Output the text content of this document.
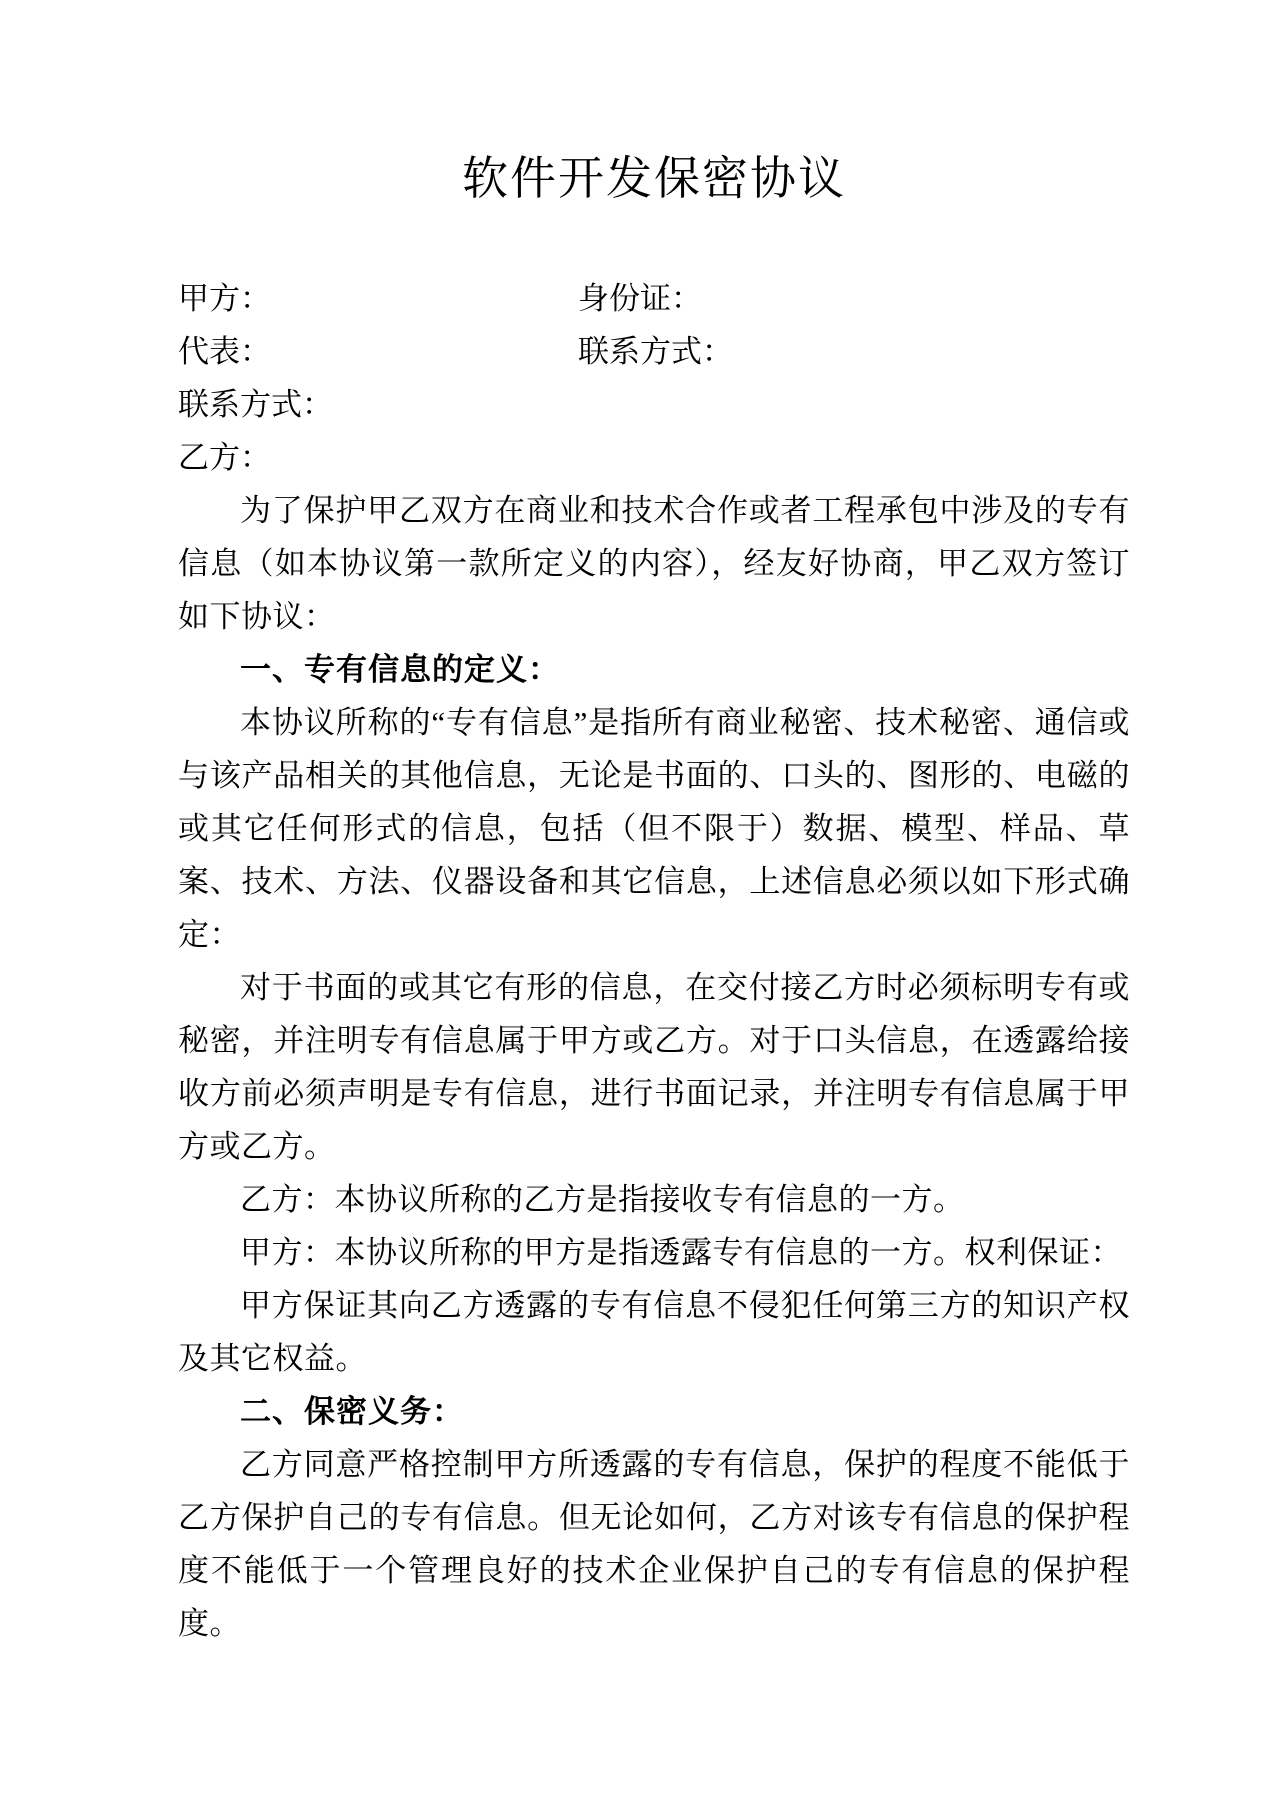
软件开发保密协议
甲方：	身份证：
代表：	联系方式：
联系方式：
乙方：

为了保护甲乙双方在商业和技术合作或者工程承包中涉及的专有信息（如本协议第一款所定义的内容），经友好协商，甲乙双方签订如下协议：

一、专有信息的定义：

本协议所称的“专有信息”是指所有商业秘密、技术秘密、通信或与该产品相关的其他信息，无论是书面的、口头的、图形的、电磁的或其它任何形式的信息，包括（但不限于）数据、模型、样品、草案、技术、方法、仪器设备和其它信息，上述信息必须以如下形式确定：

对于书面的或其它有形的信息，在交付接乙方时必须标明专有或秘密，并注明专有信息属于甲方或乙方。对于口头信息，在透露给接收方前必须声明是专有信息，进行书面记录，并注明专有信息属于甲方或乙方。

乙方：本协议所称的乙方是指接收专有信息的一方。

甲方：本协议所称的甲方是指透露专有信息的一方。权利保证：

甲方保证其向乙方透露的专有信息不侵犯任何第三方的知识产权及其它权益。

二、保密义务：

乙方同意严格控制甲方所透露的专有信息，保护的程度不能低于乙方保护自己的专有信息。但无论如何，乙方对该专有信息的保护程度不能低于一个管理良好的技术企业保护自己的专有信息的保护程度。
